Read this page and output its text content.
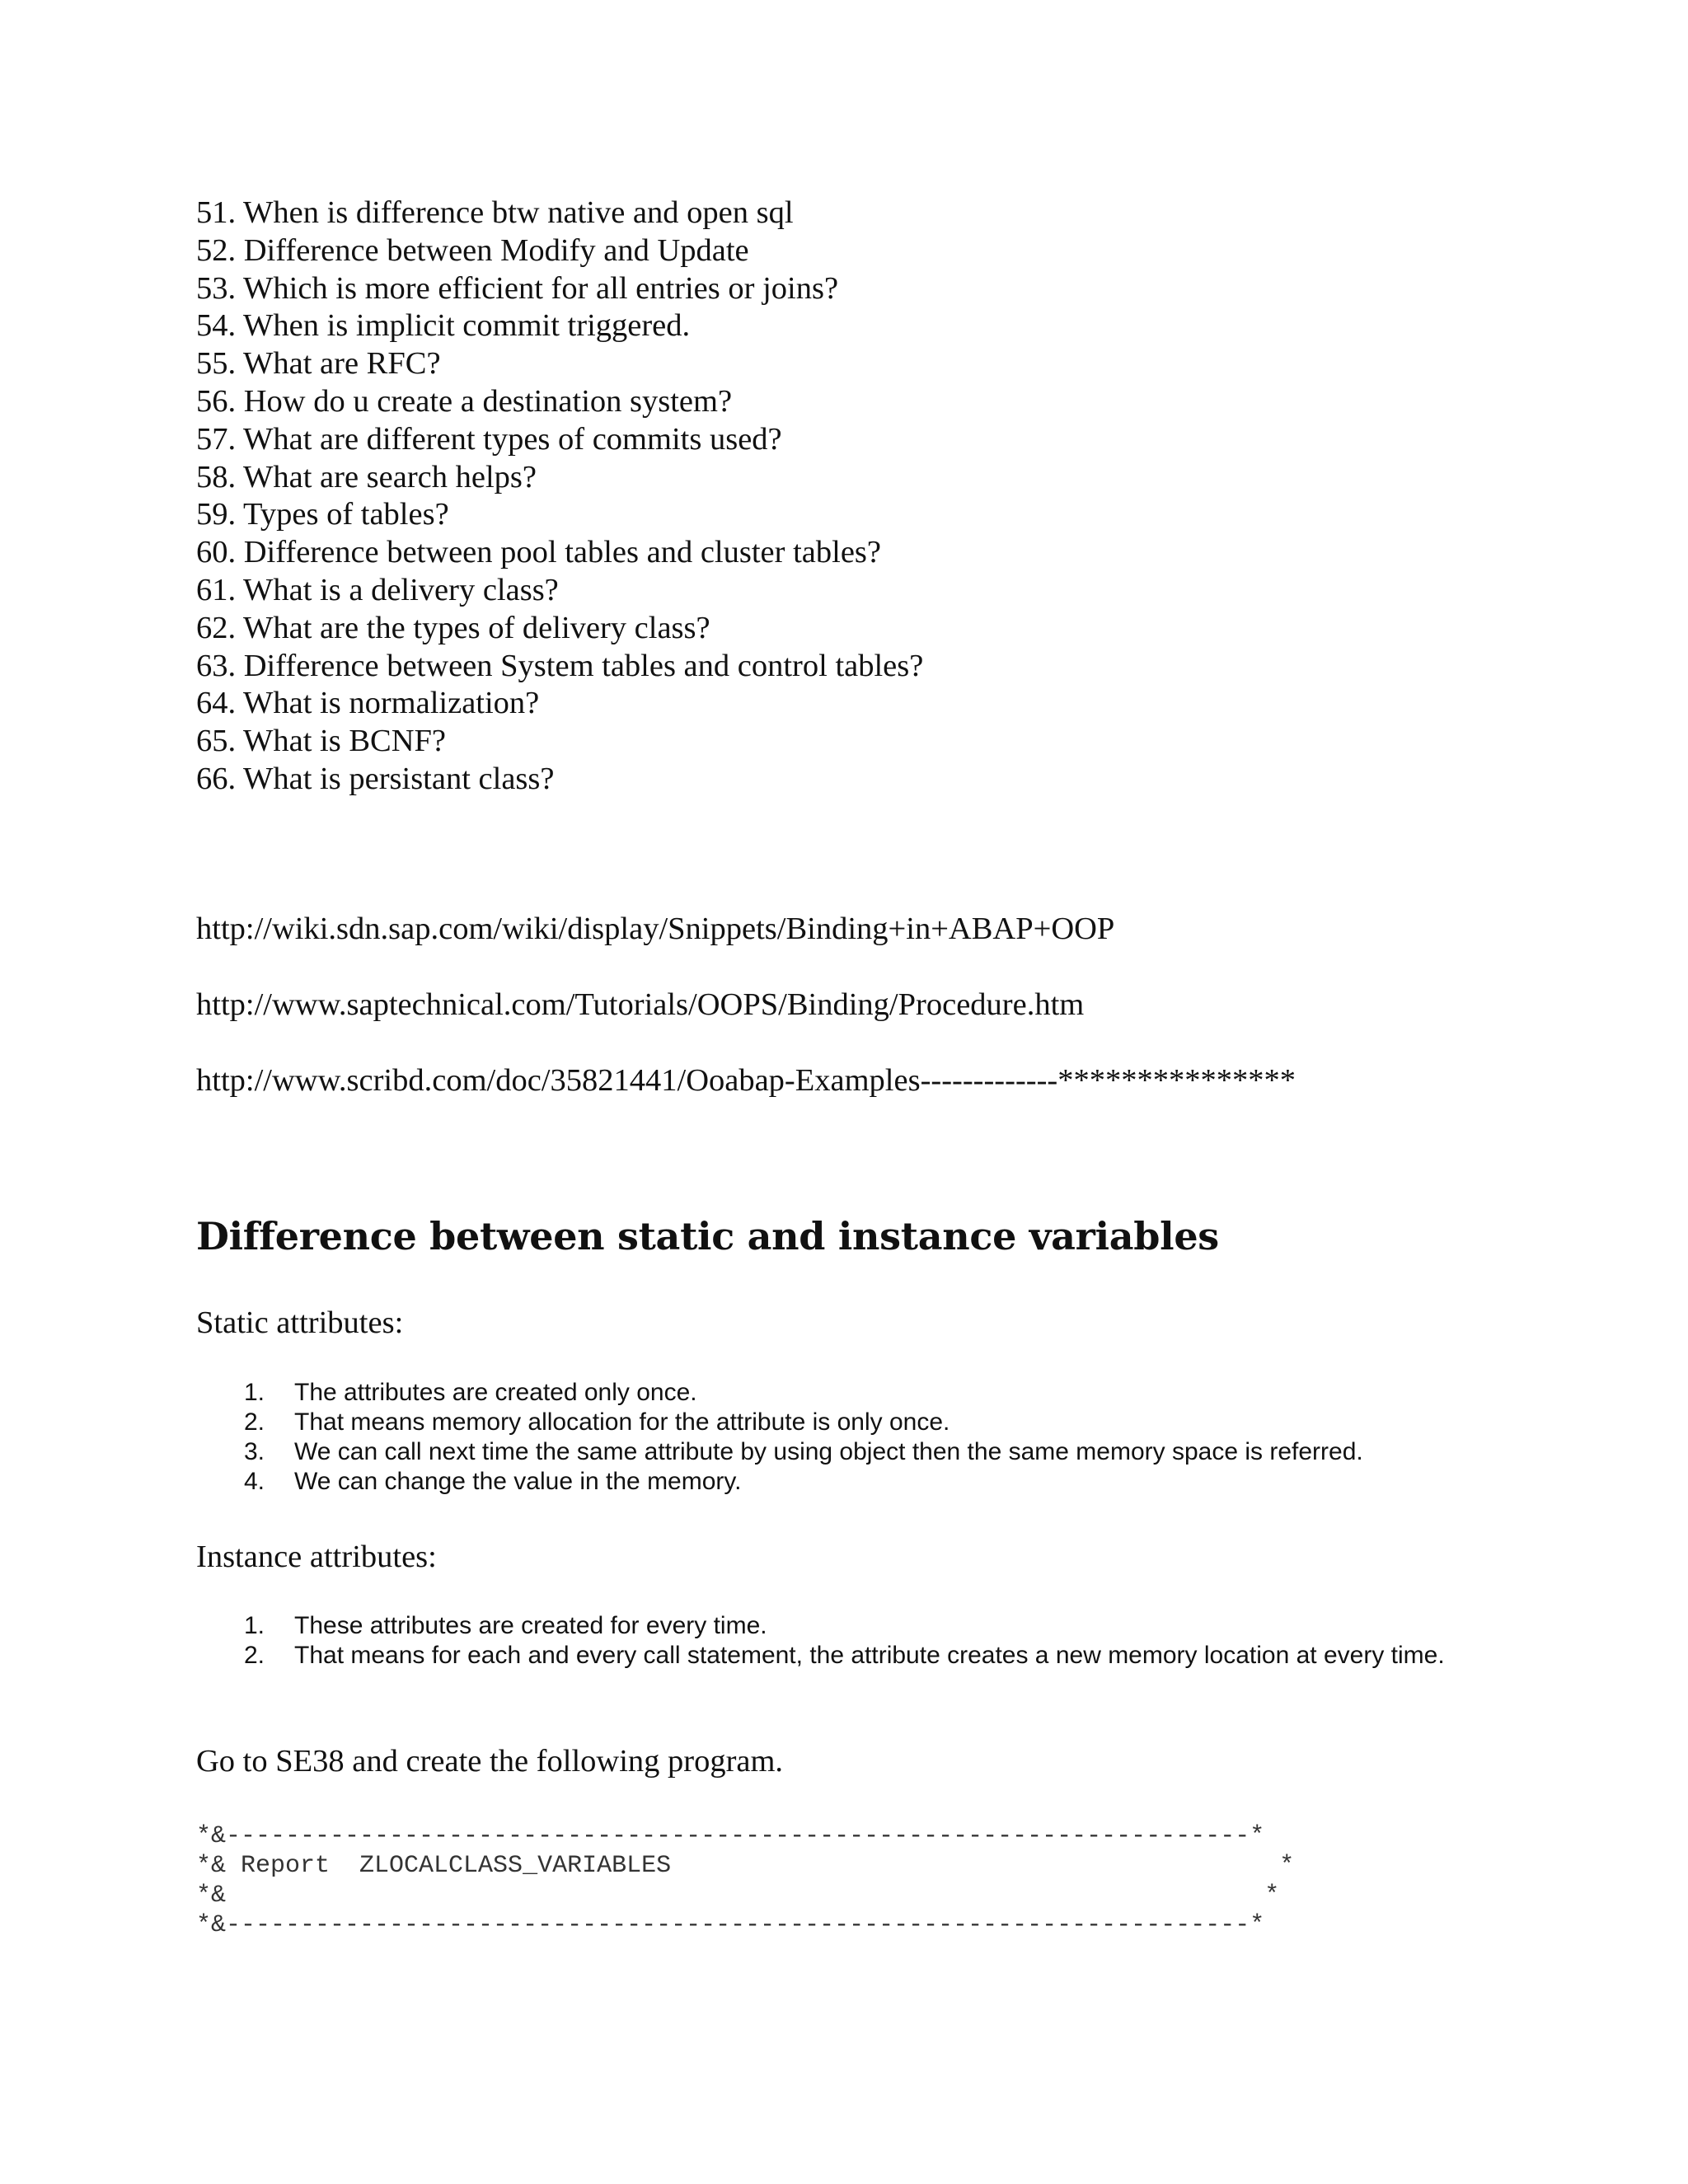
51. When is difference btw native and open sql
52. Difference between Modify and Update
53. Which is more efficient for all entries or joins?
54. When is implicit commit triggered.
55. What are RFC?
56. How do u create a destination system?
57. What are different types of commits used?
58. What are search helps?
59. Types of tables?
60. Difference between pool tables and cluster tables?
61. What is a delivery class?
62. What are the types of delivery class?
63. Difference between System tables and control tables?
64. What is normalization?
65. What is BCNF?
66. What is persistant class?

http://wiki.sdn.sap.com/wiki/display/Snippets/Binding+in+ABAP+OOP

http://www.saptechnical.com/Tutorials/OOPS/Binding/Procedure.htm

http://www.scribd.com/doc/35821441/Ooabap-Examples-------------***************

Difference between static and instance variables

Static attributes:

1. The attributes are created only once.
2. That means memory allocation for the attribute is only once.
3. We can call next time the same attribute by using object then the same memory space is referred.
4. We can change the value in the memory.

Instance attributes:

1. These attributes are created for every time.
2. That means for each and every call statement, the attribute creates a new memory location at every time.

Go to SE38 and create the following program.

*&---------------------------------------------------------------------*
*& Report  ZLOCALCLASS_VARIABLES                                         *
*&                                                                      *
*&---------------------------------------------------------------------*
